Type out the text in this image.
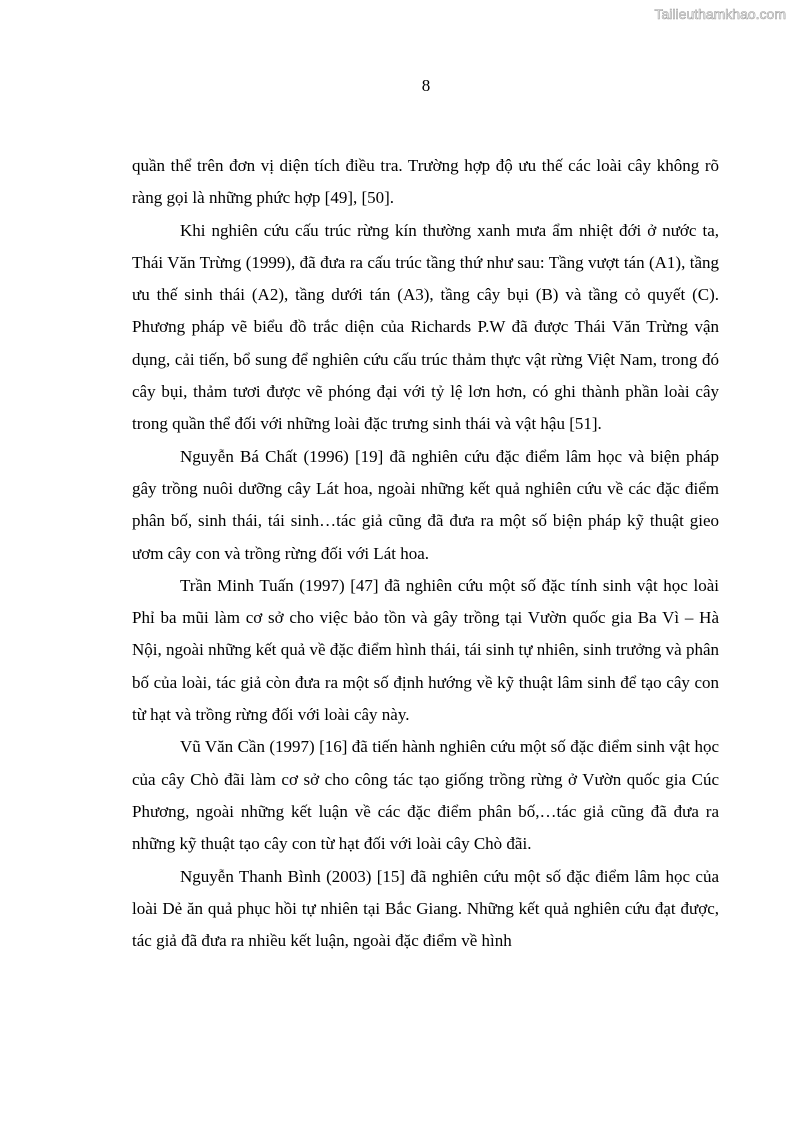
Tailieuthamkhao.com
8

quần thể trên đơn vị diện tích điều tra. Trường hợp độ ưu thế các loài cây không rõ ràng gọi là những phức hợp [49], [50].

Khi nghiên cứu cấu trúc rừng kín thường xanh mưa ẩm nhiệt đới ở nước ta, Thái Văn Trừng (1999), đã đưa ra cấu trúc tầng thứ như sau: Tầng vượt tán (A1), tầng ưu thế sinh thái (A2), tầng dưới tán (A3), tầng cây bụi (B) và tầng cỏ quyết (C). Phương pháp vẽ biểu đồ trắc diện của Richards P.W đã được Thái Văn Trừng vận dụng, cải tiến, bổ sung để nghiên cứu cấu trúc thảm thực vật rừng Việt Nam, trong đó cây bụi, thảm tươi được vẽ phóng đại với tỷ lệ lơn hơn, có ghi thành phần loài cây trong quần thể đối với những loài đặc trưng sinh thái và vật hậu [51].

Nguyễn Bá Chất (1996) [19] đã nghiên cứu đặc điểm lâm học và biện pháp gây trồng nuôi dưỡng cây Lát hoa, ngoài những kết quả nghiên cứu về các đặc điểm phân bố, sinh thái, tái sinh…tác giả cũng đã đưa ra một số biện pháp kỹ thuật gieo ươm cây con và trồng rừng đối với Lát hoa.

Trần Minh Tuấn (1997) [47] đã nghiên cứu một số đặc tính sinh vật học loài Phỉ ba mũi làm cơ sở cho việc bảo tồn và gây trồng tại Vườn quốc gia Ba Vì – Hà Nội, ngoài những kết quả về đặc điểm hình thái, tái sinh tự nhiên, sinh trưởng và phân bố của loài, tác giả còn đưa ra một số định hướng về kỹ thuật lâm sinh để tạo cây con từ hạt và trồng rừng đối với loài cây này.

Vũ Văn Cần (1997) [16] đã tiến hành nghiên cứu một số đặc điểm sinh vật học của cây Chò đãi làm cơ sở cho công tác tạo giống trồng rừng ở Vườn quốc gia Cúc Phương, ngoài những kết luận về các đặc điểm phân bố,…tác giả cũng đã đưa ra những kỹ thuật tạo cây con từ hạt đối với loài cây Chò đãi.

Nguyễn Thanh Bình (2003) [15] đã nghiên cứu một số đặc điểm lâm học của loài Dẻ ăn quả phục hồi tự nhiên tại Bắc Giang. Những kết quả nghiên cứu đạt được, tác giả đã đưa ra nhiều kết luận, ngoài đặc điểm về hình
